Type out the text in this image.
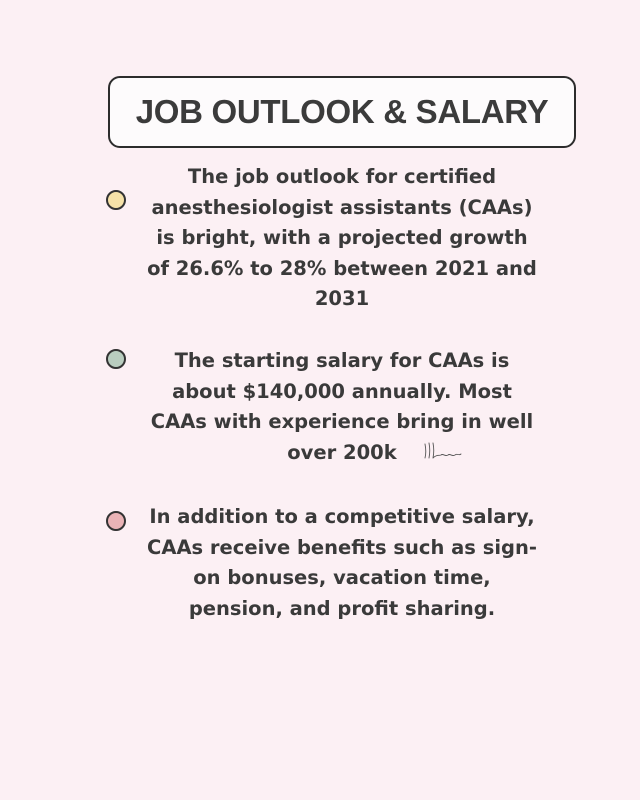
JOB OUTLOOK & SALARY
The job outlook for certified
anesthesiologist assistants (CAAs)
is bright, with a projected growth
of 26.6% to 28% between 2021 and
2031
The starting salary for CAAs is
about $140,000 annually. Most
CAAs with experience bring in well
over 200k
In addition to a competitive salary,
CAAs receive benefits such as sign-
on bonuses, vacation time,
pension, and profit sharing.
